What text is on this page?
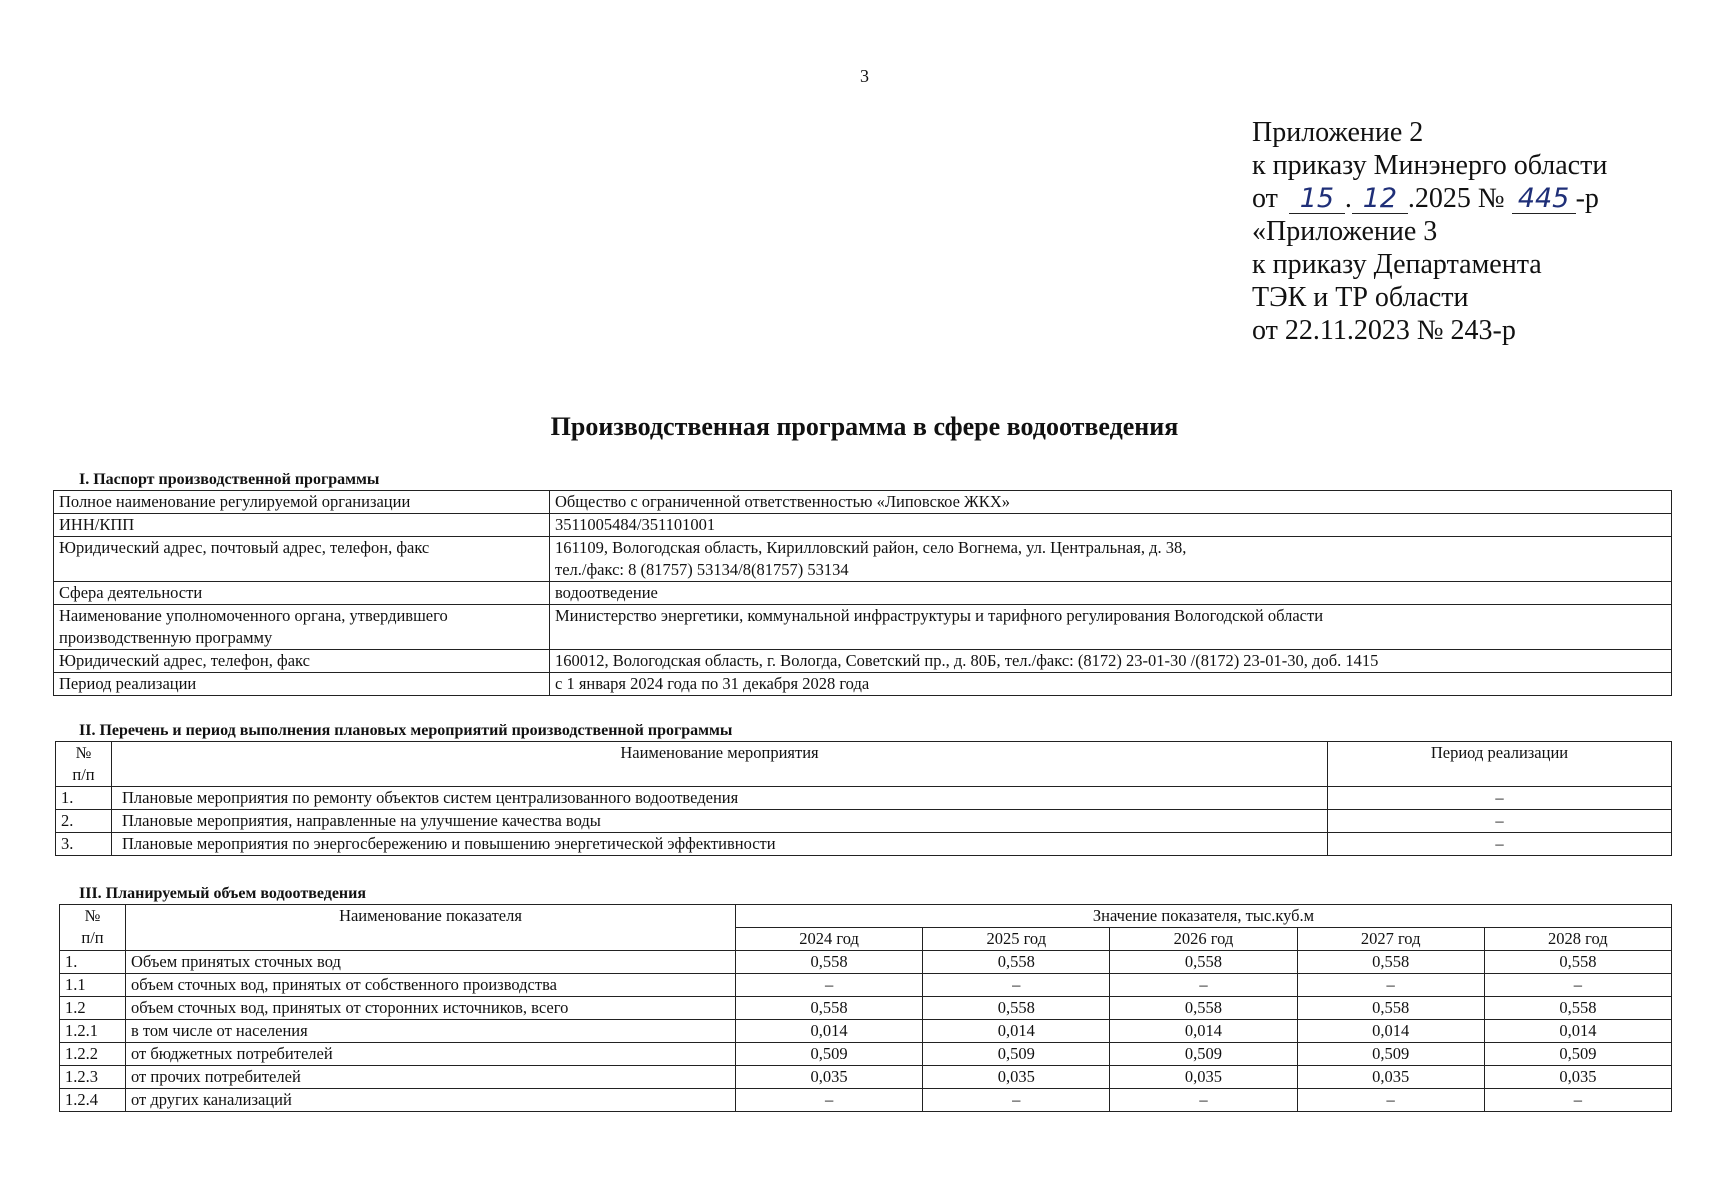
3
Приложение 2
к приказу Минэнерго области
от 15 . 12 .2025 № 445 -р
«Приложение 3
к приказу Департамента
ТЭК и ТР области
от 22.11.2023 № 243-р
Производственная программа в сфере водоотведения
I. Паспорт производственной программы
Полное наименование регулируемой организации	Общество с ограниченной ответственностью «Липовское ЖКХ»
ИНН/КПП	3511005484/351101001
Юридический адрес, почтовый адрес, телефон, факс	161109, Вологодская область, Кирилловский район, село Вогнема, ул. Центральная, д. 38,
тел./факс: 8 (81757) 53134/8(81757) 53134

Сфера деятельности	водоотведение

Наименование уполномоченного органа, утвердившего
производственную программу	Министерство энергетики, коммунальной инфраструктуры и тарифного регулирования Вологодской области
Юридический адрес, телефон, факс	160012, Вологодская область, г. Вологда, Советский пр., д. 80Б, тел./факс: (8172) 23-01-30 /(8172) 23-01-30, доб. 1415
Период реализации	с 1 января 2024 года по 31 декабря 2028 года
II. Перечень и период выполнения плановых мероприятий производственной программы
№
п/п	Наименование мероприятия	Период реализации
1.	Плановые мероприятия по ремонту объектов систем централизованного водоотведения	–
2.	Плановые мероприятия, направленные на улучшение качества воды	–
3.	Плановые мероприятия по энергосбережению и повышению энергетической эффективности	–
III. Планируемый объем водоотведения
№
п/п	Наименование показателя	Значение показателя, тыс.куб.м				
		2024 год	2025 год	2026 год	2027 год	2028 год
1.	Объем принятых сточных вод	0,558	0,558	0,558	0,558	0,558
1.1	объем сточных вод, принятых от собственного производства	–	–	–	–	–
1.2	объем сточных вод, принятых от сторонних источников, всего	0,558	0,558	0,558	0,558	0,558
1.2.1	в том числе от населения	0,014	0,014	0,014	0,014	0,014
1.2.2	от бюджетных потребителей	0,509	0,509	0,509	0,509	0,509
1.2.3	от прочих потребителей	0,035	0,035	0,035	0,035	0,035
1.2.4	от других канализаций	–	–	–	–	–
